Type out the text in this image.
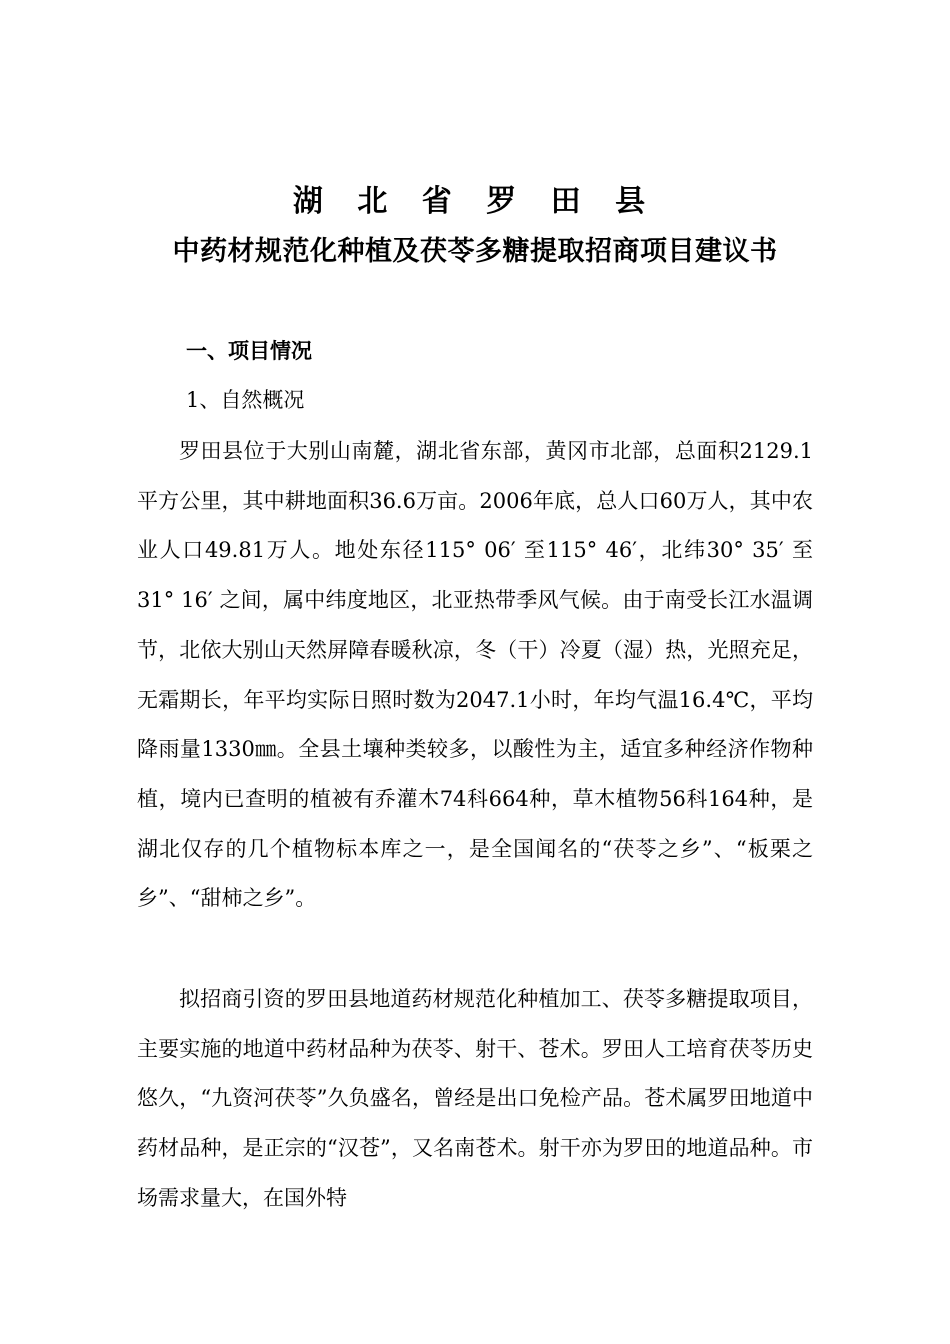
湖 北 省 罗 田 县
中药材规范化种植及茯苓多糖提取招商项目建议书
一、项目情况
1、自然概况

罗田县位于大别山南麓，湖北省东部，黄冈市北部，总面积2129.1平方公里，其中耕地面积36.6万亩。2006年底，总人口60万人，其中农业人口49.81万人。地处东径115° 06′ 至115° 46′，北纬30° 35′ 至31° 16′ 之间，属中纬度地区，北亚热带季风气候。由于南受长江水温调节，北依大别山天然屏障春暖秋凉，冬（干）冷夏（湿）热，光照充足，无霜期长，年平均实际日照时数为2047.1小时，年均气温16.4℃，平均降雨量1330㎜。全县土壤种类较多，以酸性为主，适宜多种经济作物种植，境内已查明的植被有乔灌木74科664种，草木植物56科164种，是湖北仅存的几个植物标本库之一，是全国闻名的“茯苓之乡”、“板栗之乡”、“甜柿之乡”。

拟招商引资的罗田县地道药材规范化种植加工、茯苓多糖提取项目，主要实施的地道中药材品种为茯苓、射干、苍术。罗田人工培育茯苓历史悠久，“九资河茯苓”久负盛名，曾经是出口免检产品。苍术属罗田地道中药材品种，是正宗的“汉苍”，又名南苍术。射干亦为罗田的地道品种。市场需求量大，在国外特
